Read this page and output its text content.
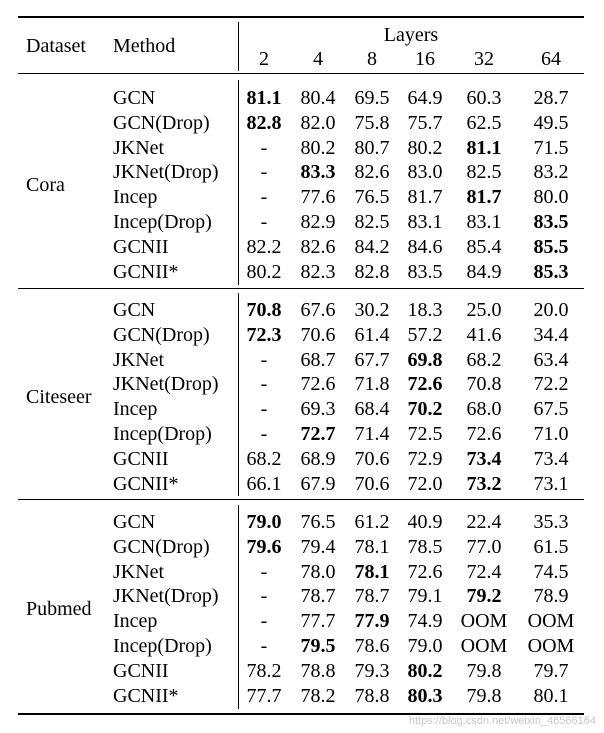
Dataset Method	Layers
2 4 8 16 32 64
Cora
GCN	81.1 80.4 69.5 64.9 60.3 28.7
GCN(Drop) 82.8 82.0 75.8 75.7 62.5 49.5
JKNet	- 80.2 80.7 80.2 81.1 71.5
JKNet(Drop) - 83.3 82.6 83.0 82.5 83.2
Incep	- 77.6 76.5 81.7 81.7 80.0
Incep(Drop) - 82.9 82.5 83.1 83.1 83.5
GCNII	82.2 82.6 84.2 84.6 85.4 85.5
GCNII*	80.2 82.3 82.8 83.5 84.9 85.3
Citeseer
GCN	70.8 67.6 30.2 18.3 25.0 20.0
GCN(Drop) 72.3 70.6 61.4 57.2 41.6 34.4
JKNet	- 68.7 67.7 69.8 68.2 63.4
JKNet(Drop) - 72.6 71.8 72.6 70.8 72.2
Incep	- 69.3 68.4 70.2 68.0 67.5
Incep(Drop) - 72.7 71.4 72.5 72.6 71.0
GCNII	68.2 68.9 70.6 72.9 73.4 73.4
GCNII*	66.1 67.9 70.6 72.0 73.2 73.1
Pubmed
GCN	79.0 76.5 61.2 40.9 22.4 35.3
GCN(Drop) 79.6 79.4 78.1 78.5 77.0 61.5
JKNet	- 78.0 78.1 72.6 72.4 74.5
JKNet(Drop) - 78.7 78.7 79.1 79.2 78.9
Incep	- 77.7 77.9 74.9 OOM OOM
Incep(Drop) - 79.5 78.6 79.0 OOM OOM
GCNII	78.2 78.8 79.3 80.2 79.8 79.7
GCNII*	77.7 78.2 78.8 80.3 79.8 80.1
https://blog.csdn.net/weixin_46566164
